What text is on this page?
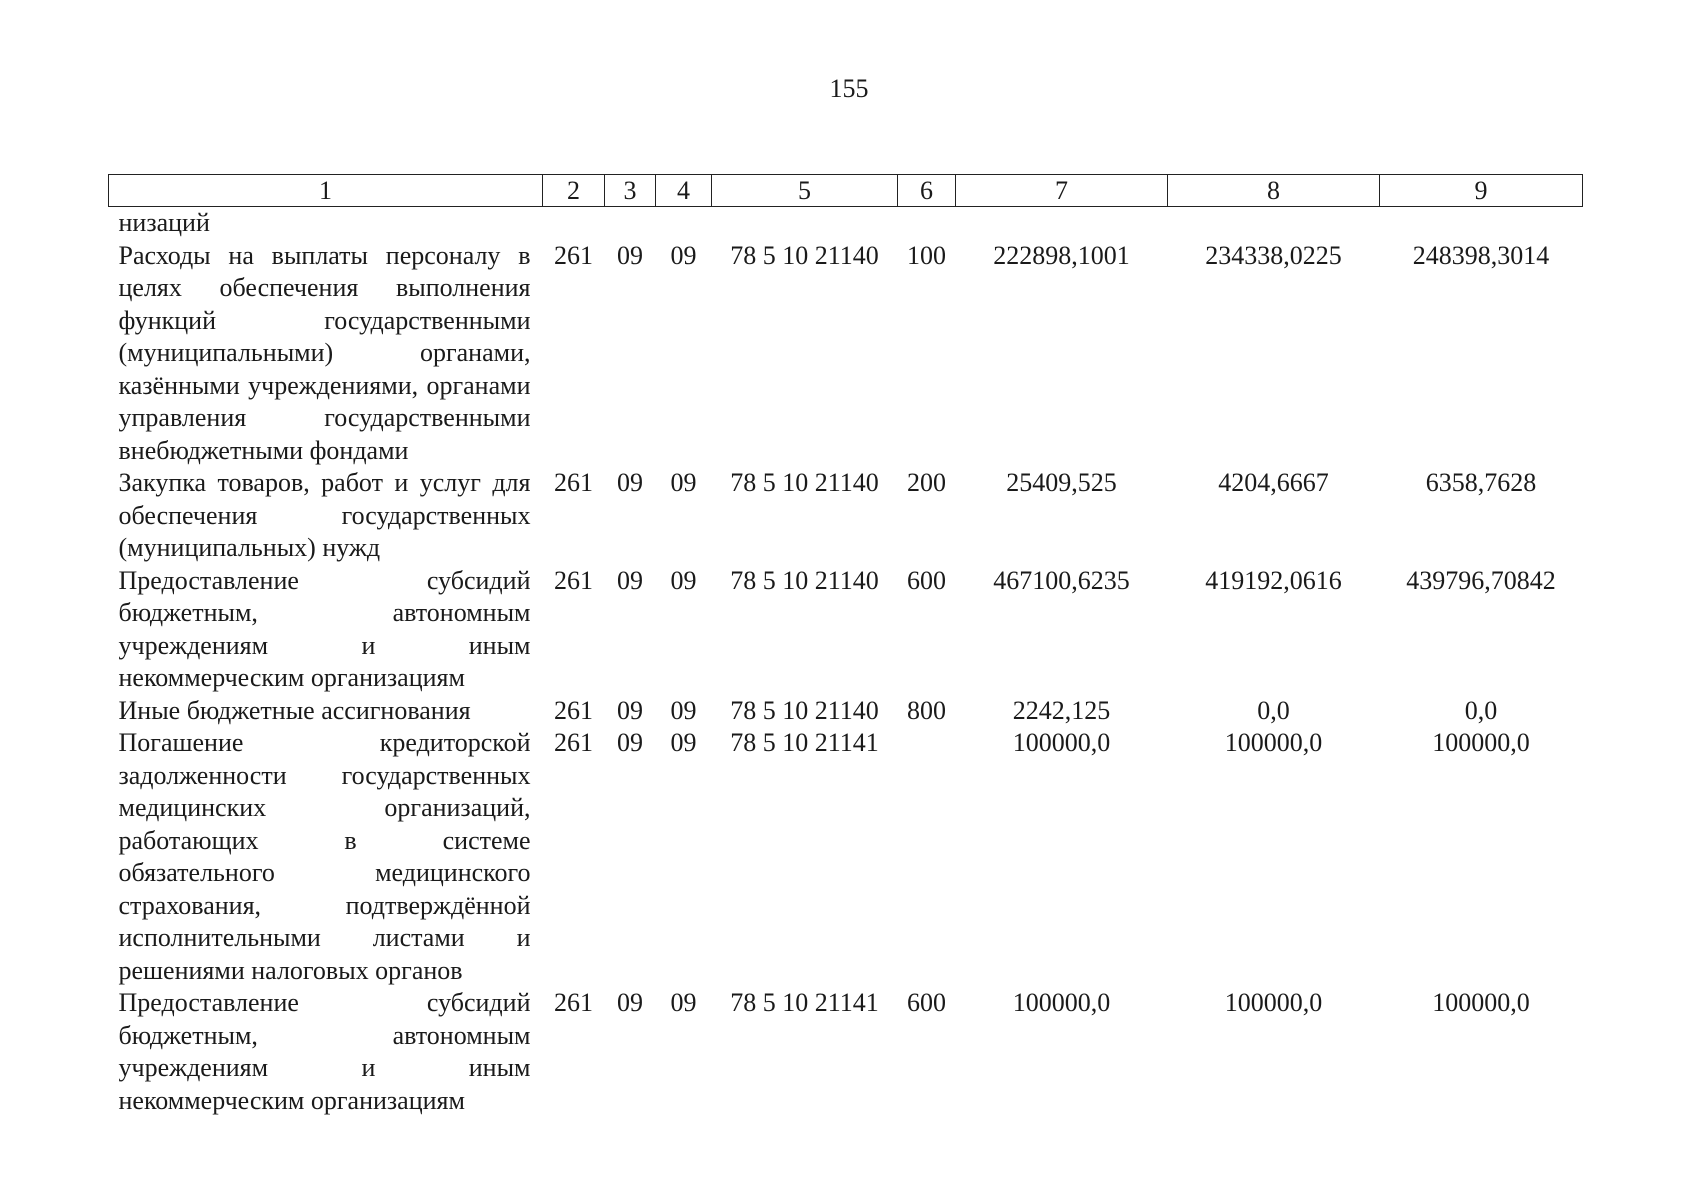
155
1	2	3	4	5	6	7	8	9
низаций								
Расходы на выплаты персоналу в целях обеспечения выполнения функций государственными (муниципальными) органами, казёнными учреждениями, органами управления государственными внебюджетными фондами	261	09	09	78 5 10 21140	100	222898,1001	234338,0225	248398,3014
Закупка товаров, работ и услуг для обеспечения государственных (муниципальных) нужд	261	09	09	78 5 10 21140	200	25409,525	4204,6667	6358,7628
Предоставление субсидий бюджетным, автономным учреждениям и иным некоммерческим организациям	261	09	09	78 5 10 21140	600	467100,6235	419192,0616	439796,70842
Иные бюджетные ассигнования	261	09	09	78 5 10 21140	800	2242,125	0,0	0,0
Погашение кредиторской задолженности государственных медицинских организаций, работающих в системе обязательного медицинского страхования, подтверждённой исполнительными листами и решениями налоговых органов	261	09	09	78 5 10 21141		100000,0	100000,0	100000,0
Предоставление субсидий бюджетным, автономным учреждениям и иным некоммерческим организациям	261	09	09	78 5 10 21141	600	100000,0	100000,0	100000,0
